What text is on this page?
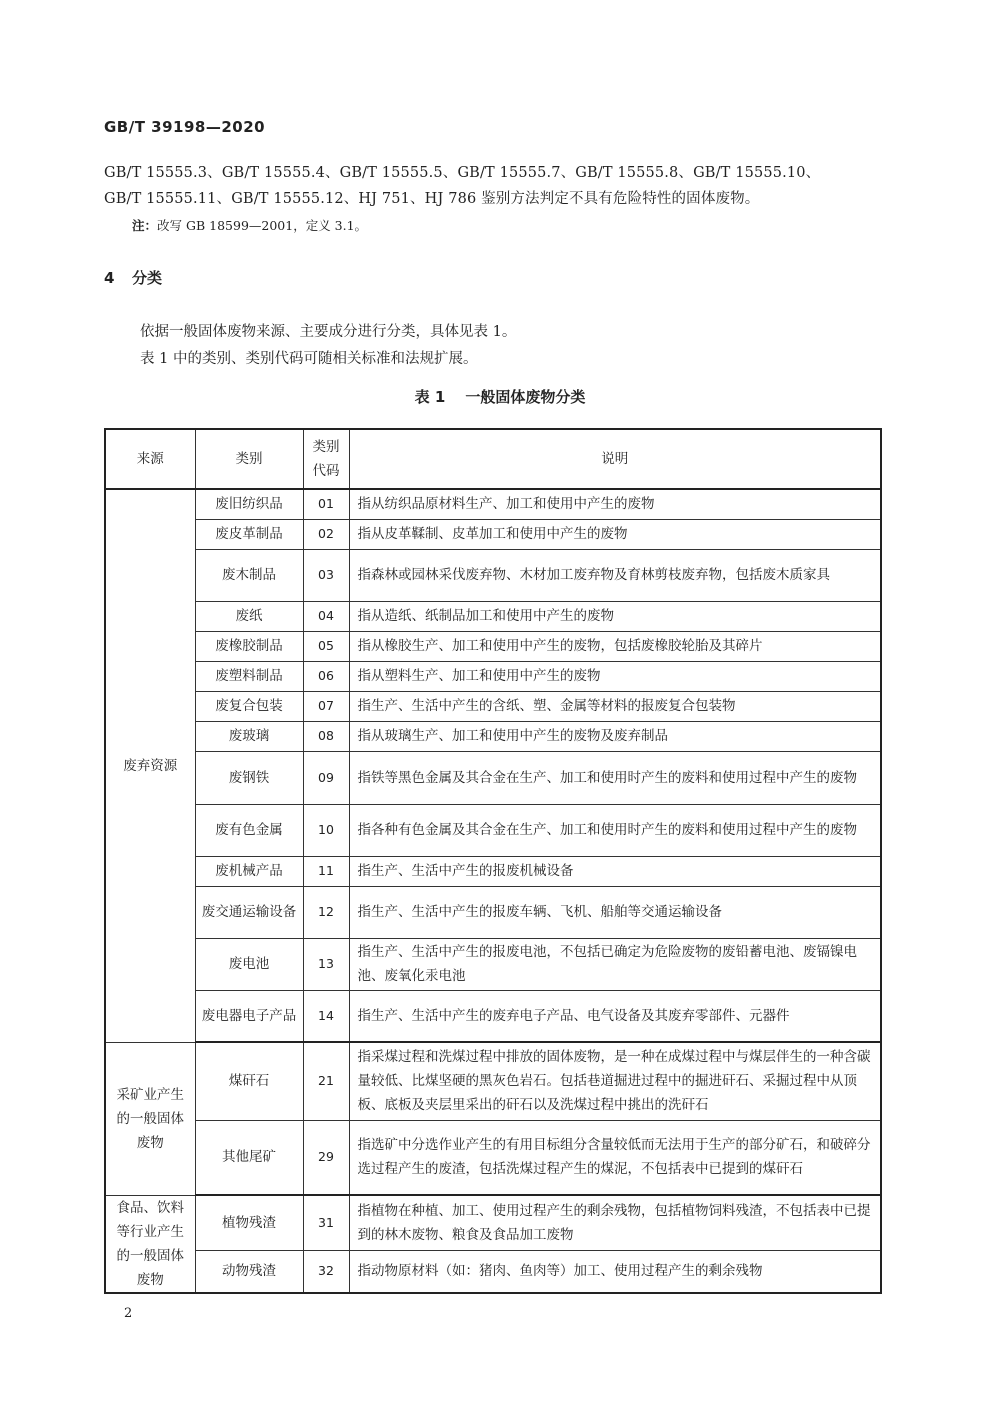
GB/T 39198—2020

GB/T 15555.3、GB/T 15555.4、GB/T 15555.5、GB/T 15555.7、GB/T 15555.8、GB/T 15555.10、

GB/T 15555.11、GB/T 15555.12、HJ 751、HJ 786 鉴别方法判定不具有危险特性的固体废物。

注：改写 GB 18599—2001，定义 3.1。
4 分类
依据一般固体废物来源、主要成分进行分类，具体见表 1。
表 1 中的类别、类别代码可随相关标准和法规扩展。
表 1 一般固体废物分类
来源	类别	类别代码	说明
废弃资源	废旧纺织品	01	指从纺织品原材料生产、加工和使用中产生的废物
	废皮革制品	02	指从皮革鞣制、皮革加工和使用中产生的废物
	废木制品	03	指森林或园林采伐废弃物、木材加工废弃物及育林剪枝废弃物，包括废木质家具
	废纸	04	指从造纸、纸制品加工和使用中产生的废物
	废橡胶制品	05	指从橡胶生产、加工和使用中产生的废物，包括废橡胶轮胎及其碎片
	废塑料制品	06	指从塑料生产、加工和使用中产生的废物
	废复合包装	07	指生产、生活中产生的含纸、塑、金属等材料的报废复合包装物
	废玻璃	08	指从玻璃生产、加工和使用中产生的废物及废弃制品
	废钢铁	09	指铁等黑色金属及其合金在生产、加工和使用时产生的废料和使用过程中产生的废物
	废有色金属	10	指各种有色金属及其合金在生产、加工和使用时产生的废料和使用过程中产生的废物
	废机械产品	11	指生产、生活中产生的报废机械设备
	废交通运输设备	12	指生产、生活中产生的报废车辆、飞机、船舶等交通运输设备
	废电池	13	指生产、生活中产生的报废电池，不包括已确定为危险废物的废铅蓄电池、废镉镍电池、废氧化汞电池
	废电器电子产品	14	指生产、生活中产生的废弃电子产品、电气设备及其废弃零部件、元器件
采矿业产生的一般固体废物	煤矸石	21	指采煤过程和洗煤过程中排放的固体废物，是一种在成煤过程中与煤层伴生的一种含碳量较低、比煤坚硬的黑灰色岩石。包括巷道掘进过程中的掘进矸石、采掘过程中从顶板、底板及夹层里采出的矸石以及洗煤过程中挑出的洗矸石
	其他尾矿	29	指选矿中分选作业产生的有用目标组分含量较低而无法用于生产的部分矿石，和破碎分选过程产生的废渣，包括洗煤过程产生的煤泥，不包括表中已提到的煤矸石
食品、饮料等行业产生的一般固体废物	植物残渣	31	指植物在种植、加工、使用过程产生的剩余残物，包括植物饲料残渣，不包括表中已提到的林木废物、粮食及食品加工废物
	动物残渣	32	指动物原材料（如：猪肉、鱼肉等）加工、使用过程产生的剩余残物
2
